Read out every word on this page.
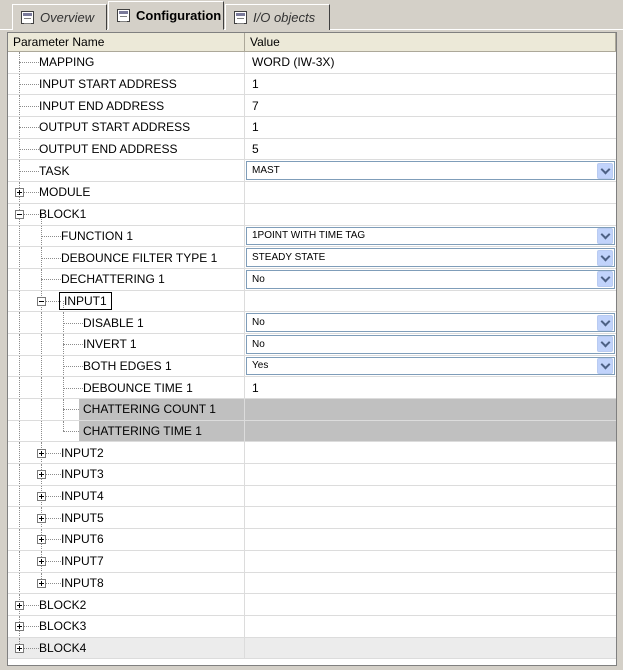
Overview	Configuration I/O objects
Parameter Name	Value
MAPPING	WORD (IW-3X)
INPUT START ADDRESS	1
INPUT END ADDRESS	7
OUTPUT START ADDRESS	1
OUTPUT END ADDRESS	5
TASK	MAST
MODULE
BLOCK1
FUNCTION 1	1POINT WITH TIME TAG
DEBOUNCE FILTER TYPE 1	STEADY STATE
DECHATTERING 1	No
INPUT1
DISABLE 1	No
INVERT 1	No
BOTH EDGES 1	Yes
DEBOUNCE TIME 1	1
CHATTERING COUNT 1
CHATTERING TIME 1
INPUT2
INPUT3
INPUT4
INPUT5
INPUT6
INPUT7
INPUT8
BLOCK2
BLOCK3
BLOCK4
